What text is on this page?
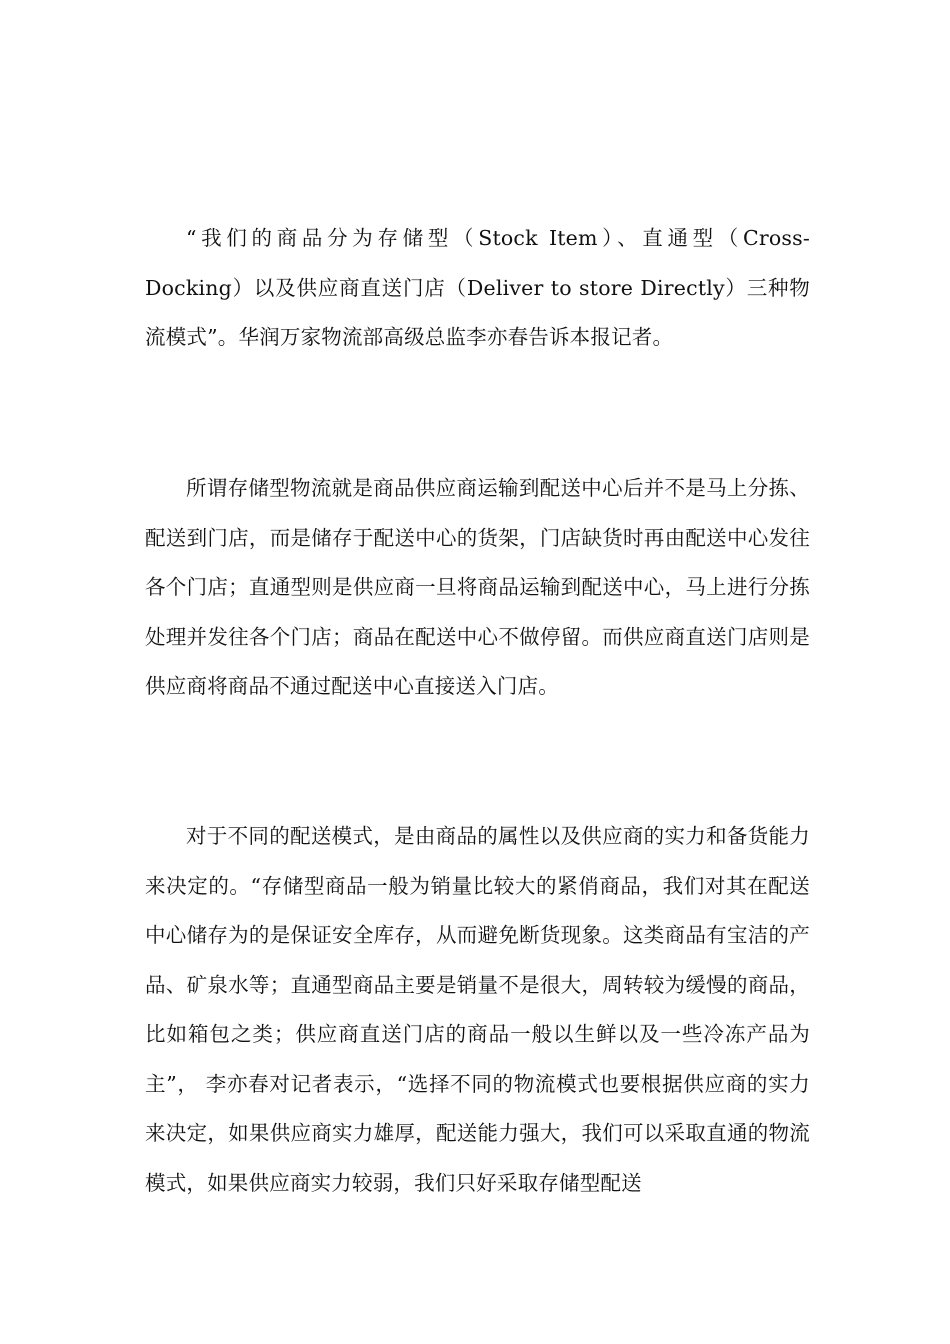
“我们的商品分为存储型（Stock Item）、直通型（Cross-Docking）以及供应商直送门店（Deliver to store Directly）三种物流模式”。华润万家物流部高级总监李亦春告诉本报记者。

所谓存储型物流就是商品供应商运输到配送中心后并不是马上分拣、配送到门店，而是储存于配送中心的货架，门店缺货时再由配送中心发往各个门店；直通型则是供应商一旦将商品运输到配送中心，马上进行分拣处理并发往各个门店；商品在配送中心不做停留。而供应商直送门店则是供应商将商品不通过配送中心直接送入门店。

对于不同的配送模式，是由商品的属性以及供应商的实力和备货能力来决定的。“存储型商品一般为销量比较大的紧俏商品，我们对其在配送中心储存为的是保证安全库存，从而避免断货现象。这类商品有宝洁的产品、矿泉水等；直通型商品主要是销量不是很大，周转较为缓慢的商品，比如箱包之类；供应商直送门店的商品一般以生鲜以及一些冷冻产品为主”， 李亦春对记者表示，“选择不同的物流模式也要根据供应商的实力来决定，如果供应商实力雄厚，配送能力强大，我们可以采取直通的物流模式，如果供应商实力较弱，我们只好采取存储型配送
